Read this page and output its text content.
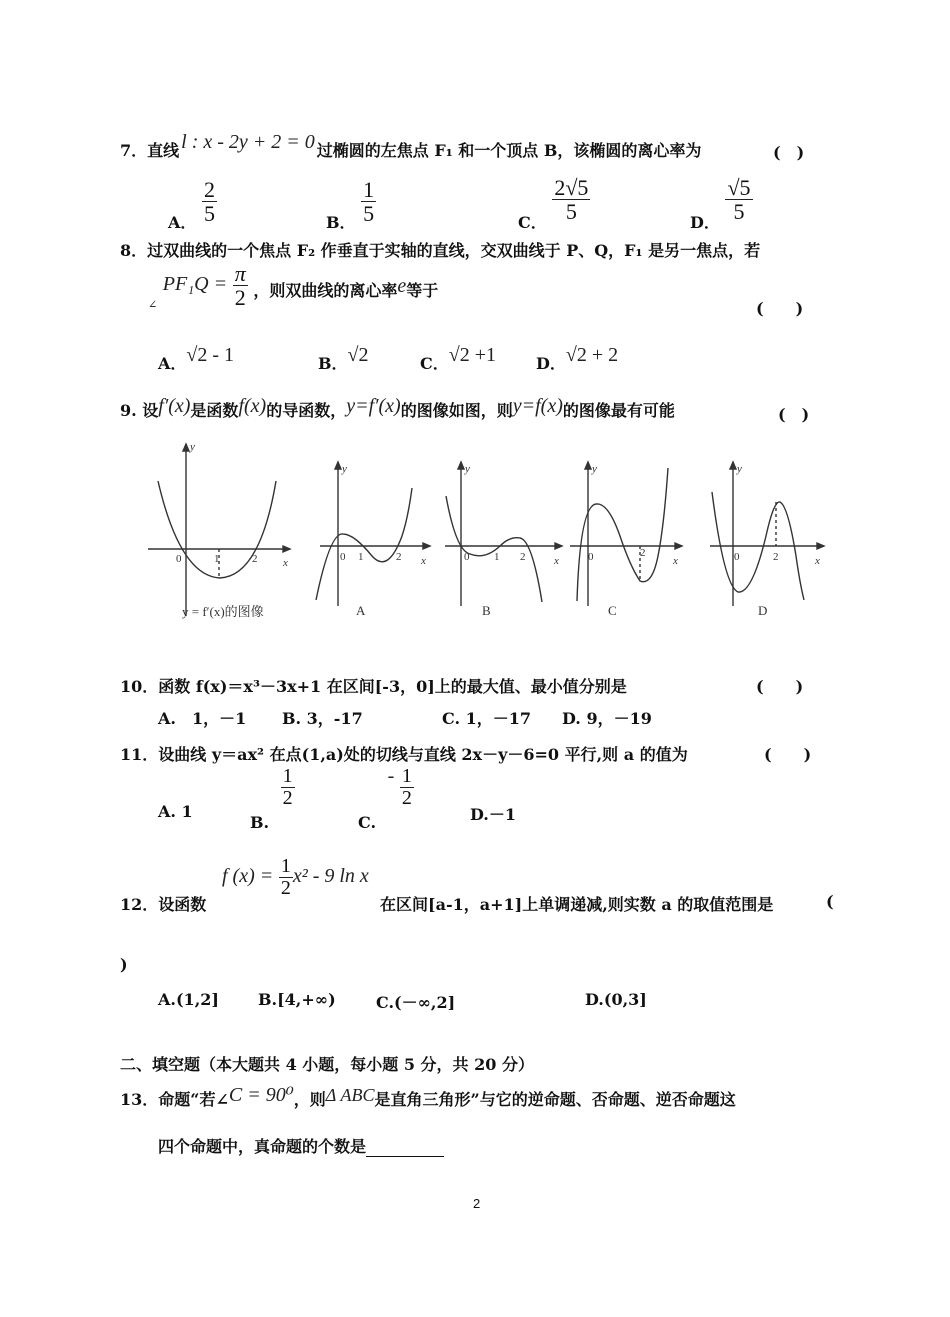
7．直线 l : x - 2y + 2 = 0 过椭圆的左焦点 F₁ 和一个顶点 B，该椭圆的离心率为	(　)
A． $\frac{2}{5}$	B． $\frac{1}{5}$	C． $\frac{2√5}{5}$	D． $\frac{√5}{5}$
8．过双曲线的一个焦点 F₂ 作垂直于实轴的直线，交双曲线于 P、Q，F₁ 是另一焦点，若
$_\angle$ $PF_1Q = \frac{\pi}{2}$ ，则双曲线的离心率e等于
(　　)
A．√2 - 1	B．√2	C．√2 +1 D．√2 + 2
9. 设f′(x)是函数f(x)的导函数，y=f′(x)的图像如图，则y=f(x)的图像最有可能	(　)
y
x
y
x
y
x
y
x
y
x
0	1	2	0 1	2	0 1 2	0	2	0	2
y = f′(x)的图像	A	B	C	D
10．函数 f(x)＝x³－3x+1 在区间[-3，0]上的最大值、最小值分别是	(　　)
A.　1，－1 B. 3，-17	C. 1，－17 D. 9，－19
11．设曲线 y＝ax² 在点(1,a)处的切线与直线 2x－y－6=0 平行,则 a 的值为	(　　)
A. 1
B.
$\frac{1}{2}$
C. - $\frac{1}{2}$
D.－1
12．设函数
f $(x) = \frac{1}{2} x^2 - 9$ ln x
在区间[a-1，a+1]上单调递减,则实数 a 的取值范围是	(
)
A.(1,2] B.[4,+∞)	C.(－∞,2]	D.(0,3]
二、填空题（本大题共 4 小题，每小题 5 分，共 20 分）
13．命题“若∠C = 90⁰，则Δ ABC是直角三角形”与它的逆命题、否命题、逆否命题这
四个命题中，真命题的个数是
2
